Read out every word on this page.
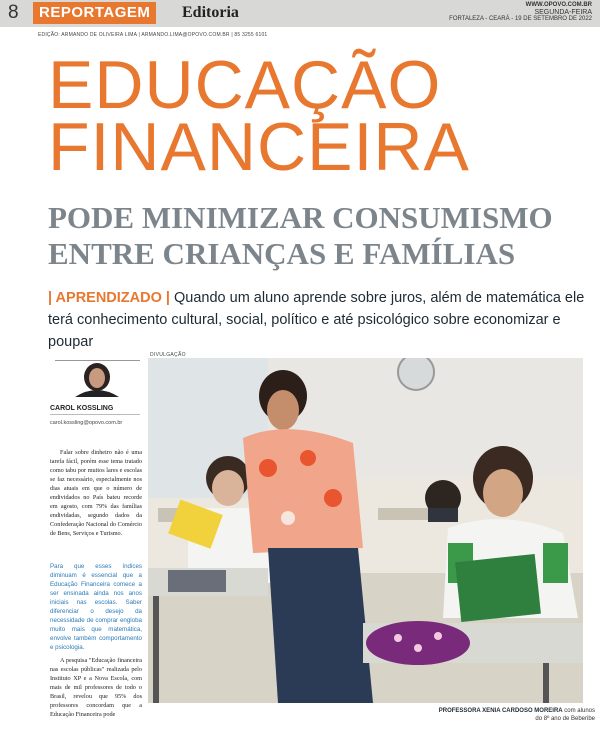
8	REPORTAGEM	Editoria	WWW.OPOVO.COM.BR
SEGUNDA-FEIRA
FORTALEZA - CEARÁ - 19 DE SETEMBRO DE 2022
EDIÇÃO: ARMANDO DE OLIVEIRA LIMA | ARMANDO.LIMA@OPOVO.COM.BR | 85 3255 6101
EDUCAÇÃO
FINANCEIRA
PODE MINIMIZAR CONSUMISMO
ENTRE CRIANÇAS E FAMÍLIAS
| APRENDIZADO | Quando um aluno aprende sobre juros, além de matemática ele terá conhecimento cultural, social, político e até psicológico sobre economizar e poupar
CAROL KOSSLING
carol.kossling@opovo.com.br

Falar sobre dinheiro não é uma tarefa fácil, porém esse tema tratado como tabu por muitos lares e escolas se faz necessário, especialmente nos dias atuais em que o número de endividados no País bateu recorde em agosto, com 79% das famílias endividadas, segundo dados da Confederação Nacional do Comércio de Bens, Serviços e Turismo.

Para que esses índices diminuam é essencial que a Educação Financeira comece a ser ensinada ainda nos anos iniciais nas escolas. Saber diferenciar o desejo da necessidade de comprar engloba muito mais que matemática, envolve também comportamento e psicologia.

A pesquisa "Educação financeira nas escolas públicas" realizada pelo Instituto XP e a Nova Escola, com mais de mil professores de todo o Brasil, revelou que 95% dos professores concordam que a Educação Financeira pode

DIVULGAÇÃO
PROFESSORA XENIA CARDOSO MOREIRA com alunos do 8º ano de Beberibe
